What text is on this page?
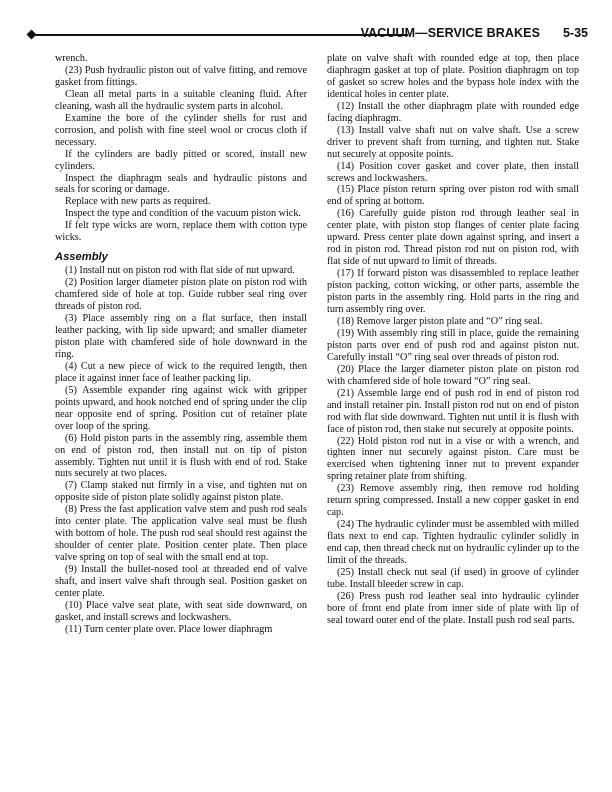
VACUUM—SERVICE BRAKES 5-35

wrench.

(23) Push hydraulic piston out of valve fitting, and remove gasket from fittings.

Clean all metal parts in a suitable cleaning fluid. After cleaning, wash all the hydraulic system parts in alcohol.

Examine the bore of the cylinder shells for rust and corrosion, and polish with fine steel wool or crocus cloth if necessary.

If the cylinders are badly pitted or scored, install new cylinders.

Inspect the diaphragm seals and hydraulic pistons and seals for scoring or damage.

Replace with new parts as required.

Inspect the type and condition of the vacuum piston wick.

If felt type wicks are worn, replace them with cotton type wicks.

Assembly

(1) Install nut on piston rod with flat side of nut upward.

(2) Position larger diameter piston plate on piston rod with chamfered side of hole at top. Guide rubber seal ring over threads of piston rod.

(3) Place assembly ring on a flat surface, then install leather packing, with lip side upward; and smaller diameter piston plate with chamfered side of hole downward in the ring.

(4) Cut a new piece of wick to the required length, then place it against inner face of leather packing lip.

(5) Assemble expander ring against wick with gripper points upward, and hook notched end of spring under the clip near opposite end of spring. Position cut of retainer plate over loop of the spring.

(6) Hold piston parts in the assembly ring, assemble them on end of piston rod, then install nut on tip of piston assembly. Tighten nut until it is flush with end of rod. Stake nuts securely at two places.

(7) Clamp staked nut firmly in a vise, and tighten nut on opposite side of piston plate solidly against piston plate.

(8) Press the fast application valve stem and push rod seals into center plate. The application valve seal must be flush with bottom of hole. The push rod seal should rest against the shoulder of center plate. Position center plate. Then place valve spring on top of seal with the small end at top.

(9) Install the bullet-nosed tool at threaded end of valve shaft, and insert valve shaft through seal. Position gasket on center plate.

(10) Place valve seat plate, with seat side downward, on gasket, and install screws and lockwashers.

(11) Turn center plate over. Place lower diaphragm

plate on valve shaft with rounded edge at top, then place diaphragm gasket at top of plate. Position diaphragm on top of gasket so screw holes and the bypass hole index with the identical holes in center plate.

(12) Install the other diaphragm plate with rounded edge facing diaphragm.

(13) Install valve shaft nut on valve shaft. Use a screw driver to prevent shaft from turning, and tighten nut. Stake nut securely at opposite points.

(14) Position cover gasket and cover plate, then install screws and lockwashers.

(15) Place piston return spring over piston rod with small end of spring at bottom.

(16) Carefully guide piston rod through leather seal in center plate, with piston stop flanges of center plate facing upward. Press center plate down against spring, and insert a rod in piston rod. Thread piston rod nut on piston rod, with flat side of nut upward to limit of threads.

(17) If forward piston was disassembled to replace leather piston packing, cotton wicking, or other parts, assemble the piston parts in the assembly ring. Hold parts in the ring and turn assembly ring over.

(18) Remove larger piston plate and “O” ring seal.

(19) With assembly ring still in place, guide the remaining piston parts over end of push rod and against piston nut. Carefully install “O” ring seal over threads of piston rod.

(20) Place the larger diameter piston plate on piston rod with chamfered side of hole toward “O” ring seal.

(21) Assemble large end of push rod in end of piston rod and install retainer pin. Install piston rod nut on end of piston rod with flat side downward. Tighten nut until it is flush with face of piston rod, then stake nut securely at opposite points.

(22) Hold piston rod nut in a vise or with a wrench, and tighten inner nut securely against piston. Care must be exercised when tightening inner nut to prevent expander spring retainer plate from shifting.

(23) Remove assembly ring, then remove rod holding return spring compressed. Install a new copper gasket in end cap.

(24) The hydraulic cylinder must be assembled with milled flats next to end cap. Tighten hydraulic cylinder solidly in end cap, then thread check nut on hydraulic cylinder up to the limit of the threads.

(25) Install check nut seal (if used) in groove of cylinder tube. Install bleeder screw in cap.

(26) Press push rod leather seal into hydraulic cylinder bore of front end plate from inner side of plate with lip of seal toward outer end of the plate. Install push rod seal parts.
